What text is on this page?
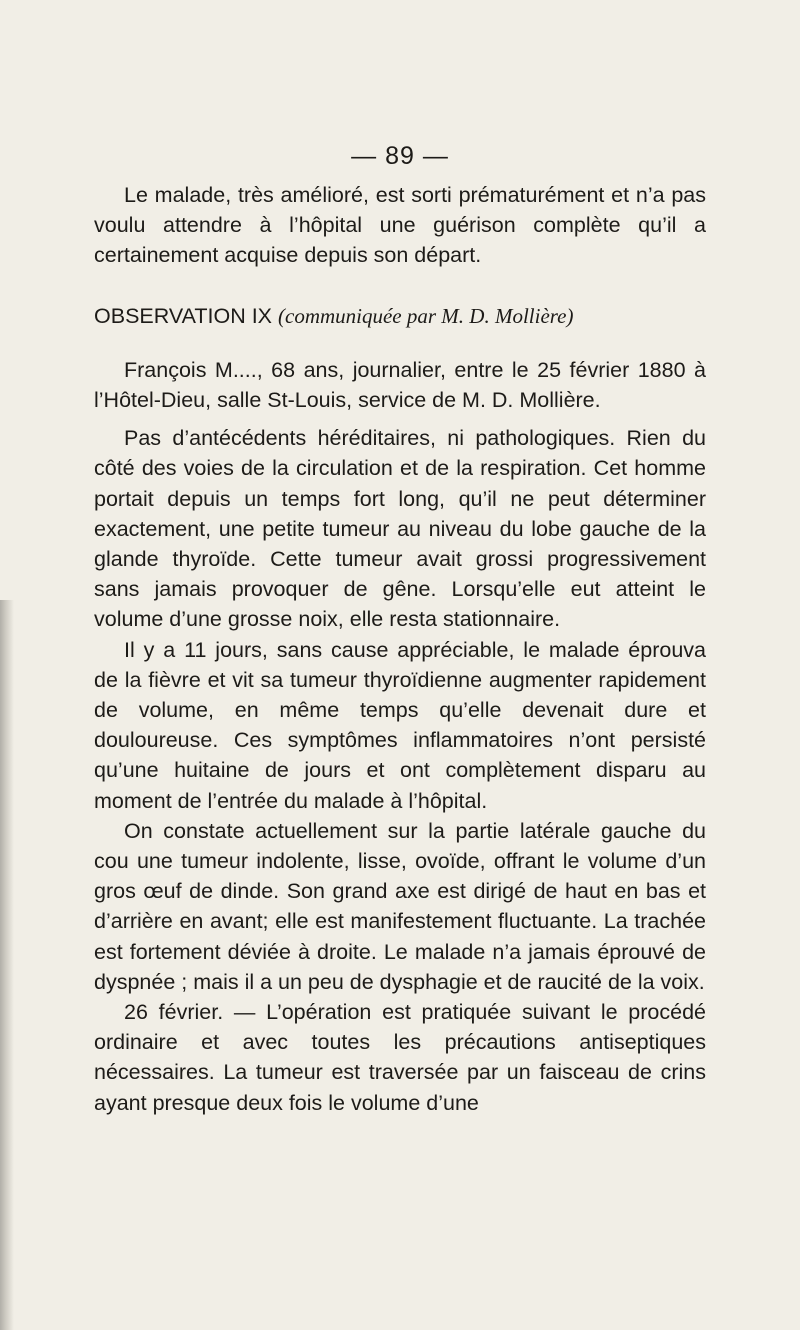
— 89 —

Le malade, très amélioré, est sorti prématurément et n’a pas voulu attendre à l’hôpital une guérison complète qu’il a certainement acquise depuis son départ.

OBSERVATION IX (communiquée par M. D. Mollière)

François M...., 68 ans, journalier, entre le 25 février 1880 à l’Hôtel-Dieu, salle St-Louis, service de M. D. Mollière.

Pas d’antécédents héréditaires, ni pathologiques. Rien du côté des voies de la circulation et de la respiration. Cet homme portait depuis un temps fort long, qu’il ne peut déterminer exactement, une petite tumeur au niveau du lobe gauche de la glande thyroïde. Cette tumeur avait grossi progressivement sans jamais provoquer de gêne. Lorsqu’elle eut atteint le volume d’une grosse noix, elle resta stationnaire.

Il y a 11 jours, sans cause appréciable, le malade éprouva de la fièvre et vit sa tumeur thyroïdienne augmenter rapidement de volume, en même temps qu’elle devenait dure et douloureuse. Ces symptômes inflammatoires n’ont persisté qu’une huitaine de jours et ont complètement disparu au moment de l’entrée du malade à l’hôpital.

On constate actuellement sur la partie latérale gauche du cou une tumeur indolente, lisse, ovoïde, offrant le volume d’un gros œuf de dinde. Son grand axe est dirigé de haut en bas et d’arrière en avant; elle est manifestement fluctuante. La trachée est fortement déviée à droite. Le malade n’a jamais éprouvé de dyspnée ; mais il a un peu de dysphagie et de raucité de la voix.

26 février. — L’opération est pratiquée suivant le procédé ordinaire et avec toutes les précautions antiseptiques nécessaires. La tumeur est traversée par un faisceau de crins ayant presque deux fois le volume d’une
